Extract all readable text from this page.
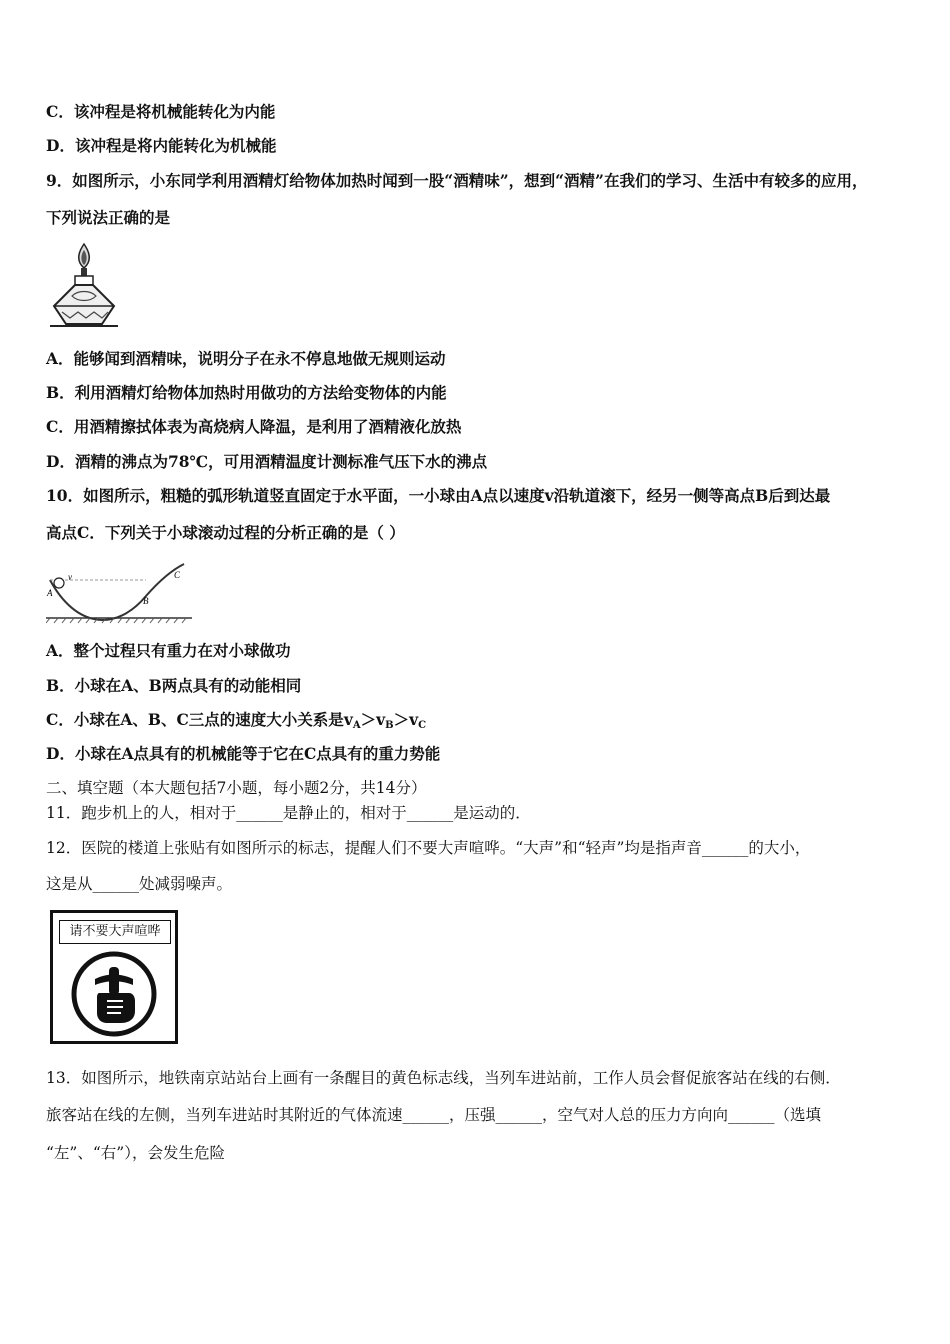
C．该冲程是将机械能转化为内能
D．该冲程是将内能转化为机械能
9．如图所示，小东同学利用酒精灯给物体加热时闻到一股“酒精味”，想到“酒精”在我们的学习、生活中有较多的应用，
下列说法正确的是
A．能够闻到酒精味，说明分子在永不停息地做无规则运动
B．利用酒精灯给物体加热时用做功的方法给变物体的内能
C．用酒精擦拭体表为高烧病人降温，是利用了酒精液化放热
D．酒精的沸点为78℃，可用酒精温度计测标准气压下水的沸点
10．如图所示，粗糙的弧形轨道竖直固定于水平面，一小球由A点以速度v沿轨道滚下，经另一侧等高点B后到达最
高点C．下列关于小球滚动过程的分析正确的是（ ）
A
v
B
C
A．整个过程只有重力在对小球做功
B．小球在A、B两点具有的动能相同
C．小球在A、B、C三点的速度大小关系是$v_A>v_B>v_C$
D．小球在A点具有的机械能等于它在C点具有的重力势能
二、填空题（本大题包括7小题，每小题2分，共14分）
11．跑步机上的人，相对于______是静止的，相对于______是运动的．
12．医院的楼道上张贴有如图所示的标志，提醒人们不要大声喧哗。“大声”和“轻声”均是指声音______的大小，
这是从______处减弱噪声。
请不要大声喧哗
13．如图所示，地铁南京站站台上画有一条醒目的黄色标志线，当列车进站前，工作人员会督促旅客站在线的右侧．
旅客站在线的左侧，当列车进站时其附近的气体流速______，压强______，空气对人总的压力方向向______（选填
“左”、“右”），会发生危险
